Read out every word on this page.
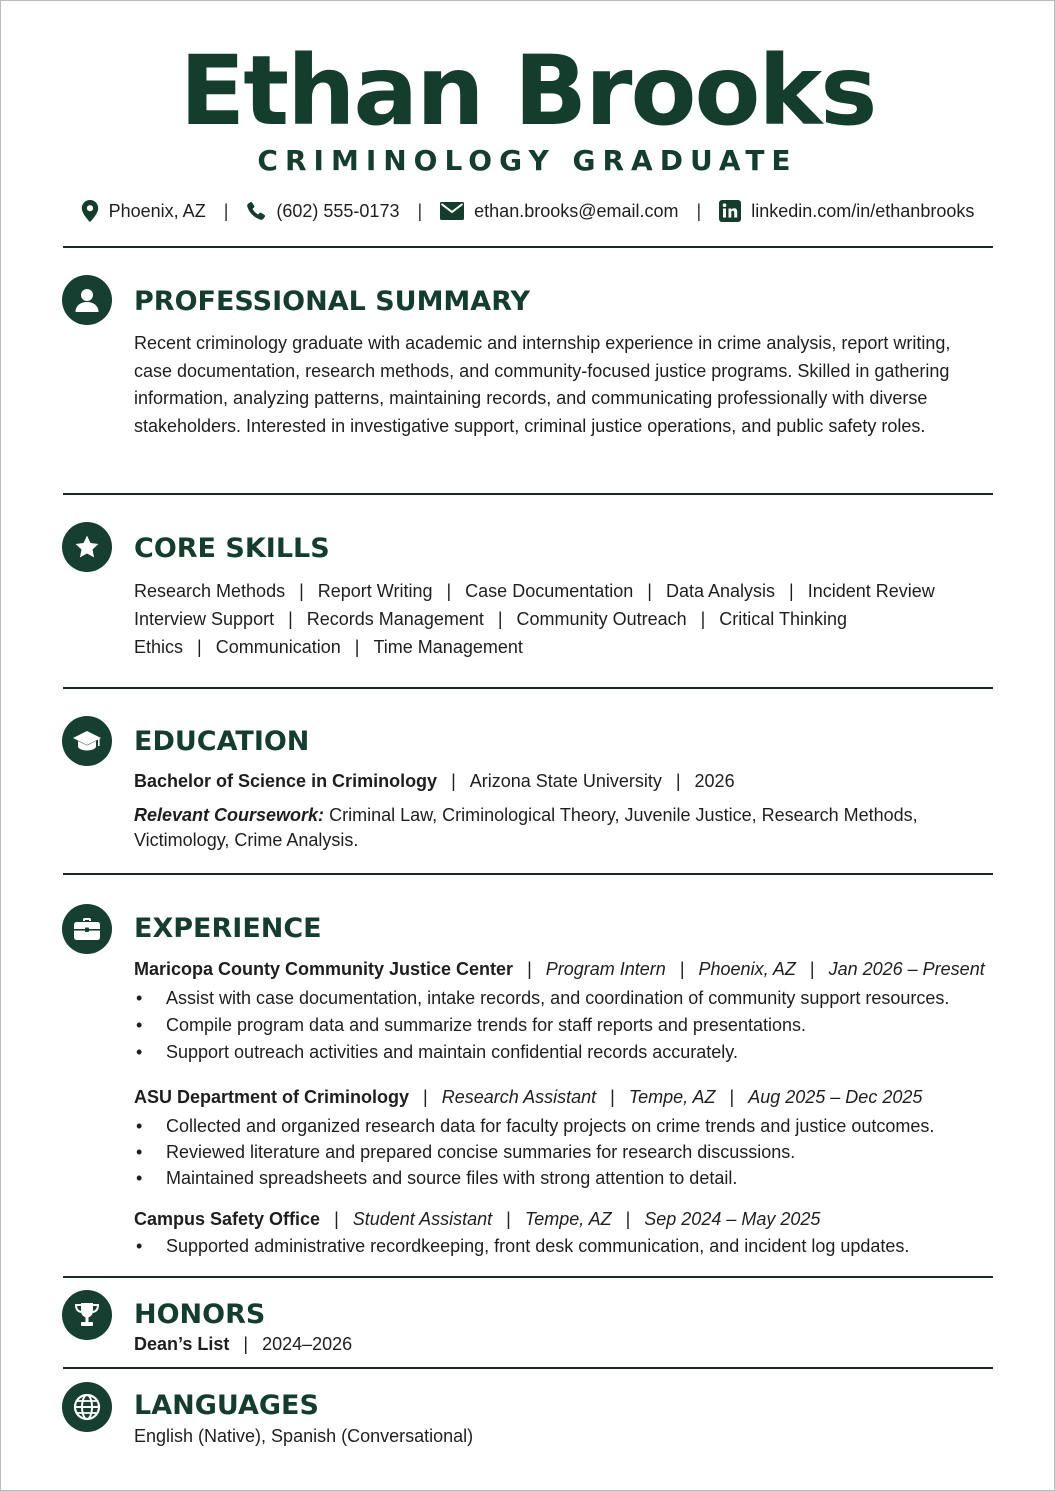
Ethan Brooks
CRIMINOLOGY GRADUATE
Phoenix, AZ |	(602) 555-0173 |	ethan.brooks@email.com |	linkedin.com/in/ethanbrooks
PROFESSIONAL SUMMARY
Recent criminology graduate with academic and internship experience in crime analysis, report writing, case documentation, research methods, and community-focused justice programs. Skilled in gathering information, analyzing patterns, maintaining records, and communicating professionally with diverse stakeholders. Interested in investigative support, criminal justice operations, and public safety roles.
CORE SKILLS
Research Methods | Report Writing | Case Documentation | Data Analysis | Incident Review
Interview Support | Records Management | Community Outreach | Critical Thinking
Ethics | Communication | Time Management
EDUCATION
Bachelor of Science in Criminology | Arizona State University | 2026
Relevant Coursework: Criminal Law, Criminological Theory, Juvenile Justice, Research Methods, Victimology, Crime Analysis.
EXPERIENCE
Maricopa County Community Justice Center | Program Intern | Phoenix, AZ | Jan 2026 – Present
• Assist with case documentation, intake records, and coordination of community support resources.
• Compile program data and summarize trends for staff reports and presentations.
• Support outreach activities and maintain confidential records accurately.
ASU Department of Criminology | Research Assistant | Tempe, AZ | Aug 2025 – Dec 2025
• Collected and organized research data for faculty projects on crime trends and justice outcomes.
• Reviewed literature and prepared concise summaries for research discussions.
• Maintained spreadsheets and source files with strong attention to detail.
Campus Safety Office | Student Assistant | Tempe, AZ | Sep 2024 – May 2025
• Supported administrative recordkeeping, front desk communication, and incident log updates.
HONORS
Dean’s List | 2024–2026
LANGUAGES
English (Native), Spanish (Conversational)
